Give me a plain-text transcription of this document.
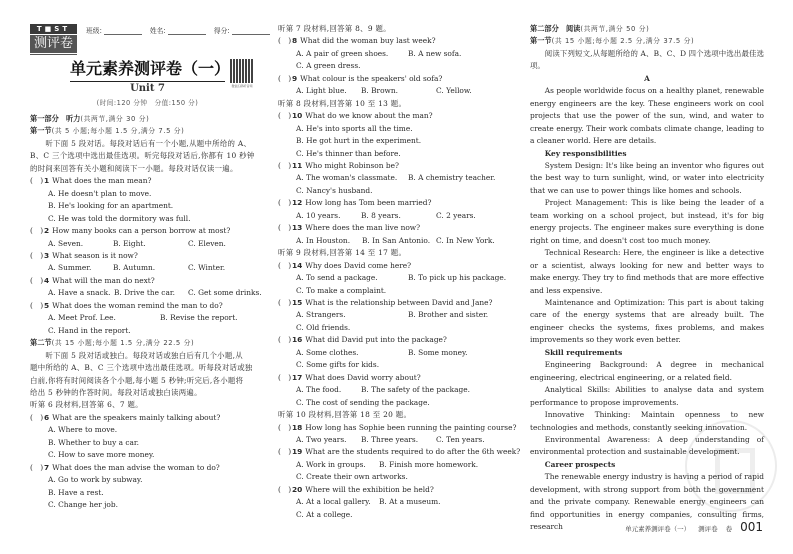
T■ST
测评卷
班级:	姓名:	得分:
单元素养测评卷（一）
微信扫码听音频
Unit 7
(时间:120 分钟　分值:150 分)
第一部分　听力(共两节,满分 30 分)
第一节(共 5 小题;每小题 1.5 分,满分 7.5 分)
　　听下面 5 段对话。每段对话后有一个小题,从题中所给的 A、
B、C 三个选项中选出最佳选项。听完每段对话后,你都有 10 秒钟
的时间来回答有关小题和阅读下一小题。每段对话仅读一遍。
(　)1 What does the man mean?
A. He doesn't plan to move.
B. He's looking for an apartment.
C. He was told the dormitory was full.
(　)2 How many books can a person borrow at most?
A. Seven.	B. Eight.	C. Eleven.
(　)3 What season is it now?
A. Summer.	B. Autumn.	C. Winter.
(　)4 What will the man do next?
A. Have a snack. B. Drive the car.	C. Get some drinks.
(　)5 What does the woman remind the man to do?
A. Meet Prof. Lee.	B. Revise the report.
C. Hand in the report.
第二节(共 15 小题;每小题 1.5 分,满分 22.5 分)
　　听下面 5 段对话或独白。每段对话或独白后有几个小题,从
题中所给的 A、B、C 三个选项中选出最佳选项。听每段对话或独
白前,你将有时间阅读各个小题,每小题 5 秒钟;听完后,各小题将
给出 5 秒钟的作答时间。每段对话或独白读两遍。
听第 6 段材料,回答第 6、7 题。
(　)6 What are the speakers mainly talking about?
A. Where to move.
B. Whether to buy a car.
C. How to save more money.
(　)7 What does the man advise the woman to do?
A. Go to work by subway.
B. Have a rest.
C. Change her job.
听第 7 段材料,回答第 8、9 题。
(　)8 What did the woman buy last week?
A. A pair of green shoes.	B. A new sofa.
C. A green dress.
(　)9 What colour is the speakers' old sofa?
A. Light blue.	B. Brown.	C. Yellow.
听第 8 段材料,回答第 10 至 13 题。
(　)10 What do we know about the man?
A. He's into sports all the time.
B. He got hurt in the experiment.
C. He's thinner than before.
(　)11 Who might Robinson be?
A. The woman's classmate.	B. A chemistry teacher.
C. Nancy's husband.
(　)12 How long has Tom been married?
A. 10 years.	B. 8 years.	C. 2 years.
(　)13 Where does the man live now?
A. In Houston.	B. In San Antonio. C. In New York.
听第 9 段材料,回答第 14 至 17 题。
(　)14 Why does David come here?
A. To send a package.	B. To pick up his package.
C. To make a complaint.
(　)15 What is the relationship between David and Jane?
A. Strangers.	B. Brother and sister.
C. Old friends.
(　)16 What did David put into the package?
A. Some clothes.	B. Some money.
C. Some gifts for kids.
(　)17 What does David worry about?
A. The food.	B. The safety of the package.
C. The cost of sending the package.
听第 10 段材料,回答第 18 至 20 题。
(　)18 How long has Sophie been running the painting course?
A. Two years.	B. Three years.	C. Ten years.
(　)19 What are the students required to do after the 6th week?
A. Work in groups.	B. Finish more homework.
C. Create their own artworks.
(　)20 Where will the exhibition be held?
A. At a local gallery.	B. At a museum.
C. At a college.
第二部分　阅读(共两节,满分 50 分)
第一节(共 15 小题;每小题 2.5 分,满分 37.5 分)
阅读下列短文,从每题所给的 A、B、C、D 四个选项中选出最佳选项。
A
As people worldwide focus on a healthy planet, renewable energy engineers are the key. These engineers work on cool projects that use the power of the sun, wind, and water to create energy. Their work combats climate change, leading to a cleaner world. Here are details.
Key responsibilities
System Design: It's like being an inventor who figures out the best way to turn sunlight, wind, or water into electricity that we can use to power things like homes and schools.
Project Management: This is like being the leader of a team working on a school project, but instead, it's for big energy projects. The engineer makes sure everything is done right on time, and doesn't cost too much money.
Technical Research: Here, the engineer is like a detective or a scientist, always looking for new and better ways to make energy. They try to find methods that are more effective and less expensive.
Maintenance and Optimization: This part is about taking care of the energy systems that are already built. The engineer checks the systems, fixes problems, and makes improvements so they work even better.
Skill requirements
Engineering Background: A degree in mechanical engineering, electrical engineering, or a related field.
Analytical Skills: Abilities to analyse data and system performance to propose improvements.
Innovative Thinking: Maintain openness to new technologies and methods, constantly seeking innovation.
Environmental Awareness: A deep understanding of environmental protection and sustainable development.
Career prospects
The renewable energy industry is having a period of rapid development, with strong support from both the government and the private company. Renewable energy engineers can find opportunities in energy companies, consulting firms, research	单元素养测评卷（一） 测评卷 卷 001
